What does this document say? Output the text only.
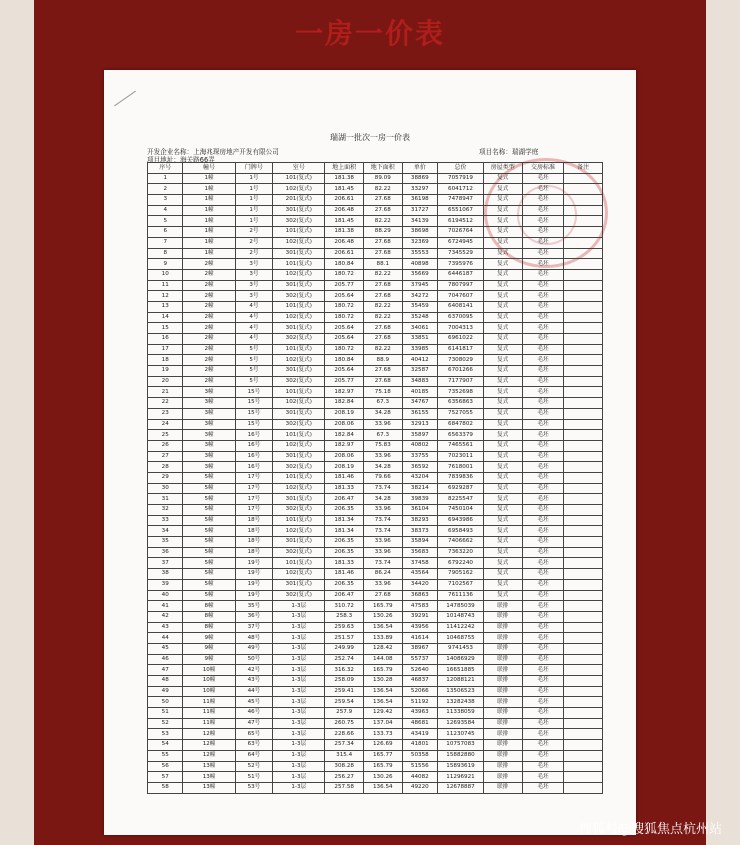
一房一价表
瑞湖一批次一房一价表
开发企业名称：上海兆琛房地产开发有限公司	项目名称：瑞湖学庭
项目地址：海关路66弄
序号	幢号	门牌号	室号	地上面积	地下面积	单价	总价	房屋类型	交房标准	备注
1	1幢	1号	101(复式)	181.38	89.09	38869	7057919	复式	毛坯	
2	1幢	1号	102(复式)	181.45	82.22	33297	6041712	复式	毛坯	
3	1幢	1号	201(复式)	206.61	27.68	36198	7478947	复式	毛坯	
4	1幢	1号	301(复式)	206.48	27.68	31727	6551067	复式	毛坯	
5	1幢	1号	302(复式)	181.45	82.22	34139	6194512	复式	毛坯	
6	1幢	2号	101(复式)	181.38	88.29	38698	7026764	复式	毛坯	
7	1幢	2号	102(复式)	206.48	27.68	32369	6724945	复式	毛坯	
8	1幢	2号	301(复式)	206.61	27.68	35553	7345529	复式	毛坯	
9	2幢	3号	101(复式)	180.84	88.1	40898	7395976	复式	毛坯	
10	2幢	3号	102(复式)	180.72	82.22	35669	6446187	复式	毛坯	
11	2幢	3号	301(复式)	205.77	27.68	37945	7807997	复式	毛坯	
12	2幢	3号	302(复式)	205.64	27.68	34272	7047607	复式	毛坯	
13	2幢	4号	101(复式)	180.72	82.22	35459	6408141	复式	毛坯	
14	2幢	4号	102(复式)	180.72	82.22	35248	6370095	复式	毛坯	
15	2幢	4号	301(复式)	205.64	27.68	34061	7004313	复式	毛坯	
16	2幢	4号	302(复式)	205.64	27.68	33851	6961022	复式	毛坯	
17	2幢	5号	101(复式)	180.72	82.22	33985	6141817	复式	毛坯	
18	2幢	5号	102(复式)	180.84	88.9	40412	7308029	复式	毛坯	
19	2幢	5号	301(复式)	205.64	27.68	32587	6701266	复式	毛坯	
20	2幢	5号	302(复式)	205.77	27.68	34883	7177907	复式	毛坯	
21	3幢	15号	101(复式)	182.97	75.18	40185	7352698	复式	毛坯	
22	3幢	15号	102(复式)	182.84	67.3	34767	6356863	复式	毛坯	
23	3幢	15号	301(复式)	208.19	34.28	36155	7527055	复式	毛坯	
24	3幢	15号	302(复式)	208.06	33.96	32913	6847802	复式	毛坯	
25	3幢	16号	101(复式)	182.84	67.3	35897	6563379	复式	毛坯	
26	3幢	16号	102(复式)	182.97	75.83	40802	7465561	复式	毛坯	
27	3幢	16号	301(复式)	208.06	33.96	33755	7023011	复式	毛坯	
28	3幢	16号	302(复式)	208.19	34.28	36592	7618001	复式	毛坯	
29	5幢	17号	101(复式)	181.46	79.66	43204	7839836	复式	毛坯	
30	5幢	17号	102(复式)	181.33	73.74	38214	6929287	复式	毛坯	
31	5幢	17号	301(复式)	206.47	34.28	39839	8225547	复式	毛坯	
32	5幢	17号	302(复式)	206.35	33.96	36104	7450104	复式	毛坯	
33	5幢	18号	101(复式)	181.34	73.74	38293	6943986	复式	毛坯	
34	5幢	18号	102(复式)	181.34	73.74	38373	6958493	复式	毛坯	
35	5幢	18号	301(复式)	206.35	33.96	35894	7406662	复式	毛坯	
36	5幢	18号	302(复式)	206.35	33.96	35683	7363220	复式	毛坯	
37	5幢	19号	101(复式)	181.33	73.74	37458	6792240	复式	毛坯	
38	5幢	19号	102(复式)	181.46	86.24	43564	7905162	复式	毛坯	
39	5幢	19号	301(复式)	206.35	33.96	34420	7102567	复式	毛坯	
40	5幢	19号	302(复式)	206.47	27.68	36863	7611136	复式	毛坯	
41	8幢	35号	1-3层	310.72	165.79	47583	14785039	联排	毛坯	
42	8幢	36号	1-3层	258.3	130.26	39291	10148743	联排	毛坯	
43	8幢	37号	1-3层	259.63	136.54	43956	11412242	联排	毛坯	
44	9幢	48号	1-3层	251.57	133.89	41614	10468755	联排	毛坯	
45	9幢	49号	1-3层	249.99	128.42	38967	9741453	联排	毛坯	
46	9幢	50号	1-3层	252.74	144.08	55737	14086929	联排	毛坯	
47	10幢	42号	1-3层	316.32	165.79	52640	16651885	联排	毛坯	
48	10幢	43号	1-3层	258.09	130.28	46837	12088121	联排	毛坯	
49	10幢	44号	1-3层	259.41	136.54	52066	13506523	联排	毛坯	
50	11幢	45号	1-3层	259.54	136.54	51192	13282438	联排	毛坯	
51	11幢	46号	1-3层	257.9	129.42	43963	11338059	联排	毛坯	
52	11幢	47号	1-3层	260.75	137.04	48681	12693584	联排	毛坯	
53	12幢	65号	1-3层	228.66	133.73	43419	11230745	联排	毛坯	
54	12幢	63号	1-3层	257.34	126.69	41801	10757083	联排	毛坯	
55	12幢	64号	1-3层	315.4	165.77	50358	15882880	联排	毛坯	
56	13幢	52号	1-3层	308.28	165.79	51556	15893619	联排	毛坯	
57	13幢	51号	1-3层	256.27	130.26	44082	11296921	联排	毛坯	
58	13幢	53号	1-3层	257.58	136.54	49220	12678887	联排	毛坯	
搜狐号@搜狐焦点杭州站
